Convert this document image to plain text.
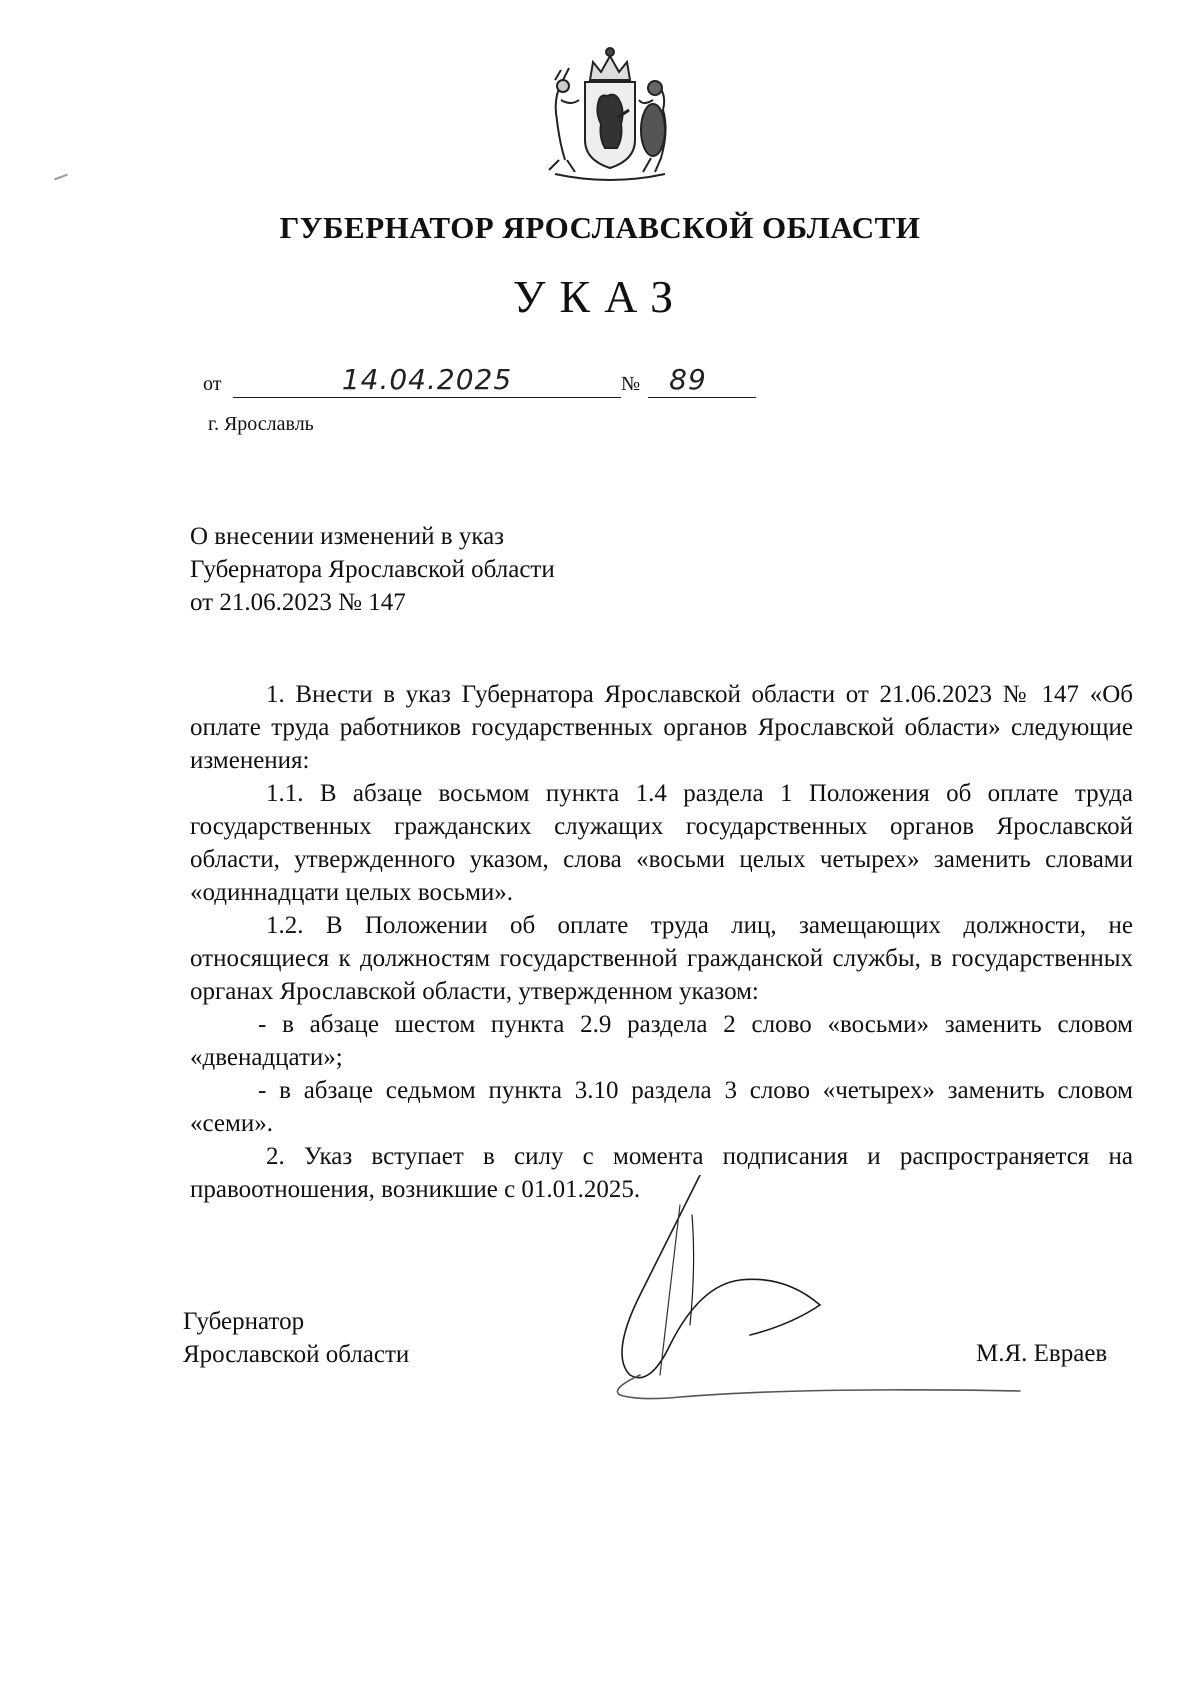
ГУБЕРНАТОР ЯРОСЛАВСКОЙ ОБЛАСТИ
УКАЗ
от	14.04.2025	№	89
г. Ярославль
О внесении изменений в указ
Губернатора Ярославской области
от 21.06.2023 № 147

1. Внести в указ Губернатора Ярославской области от 21.06.2023 № 147 «Об оплате труда работников государственных органов Ярославской области» следующие изменения:

1.1. В абзаце восьмом пункта 1.4 раздела 1 Положения об оплате труда государственных гражданских служащих государственных органов Ярославской области, утвержденного указом, слова «восьми целых четырех» заменить словами «одиннадцати целых восьми».

1.2. В Положении об оплате труда лиц, замещающих должности, не относящиеся к должностям государственной гражданской службы, в государственных органах Ярославской области, утвержденном указом:

- в абзаце шестом пункта 2.9 раздела 2 слово «восьми» заменить словом «двенадцати»;

- в абзаце седьмом пункта 3.10 раздела 3 слово «четырех» заменить словом «семи».

2. Указ вступает в силу с момента подписания и распространяется на правоотношения, возникшие с 01.01.2025.

Губернатор
Ярославской области	М.Я. Евраев
